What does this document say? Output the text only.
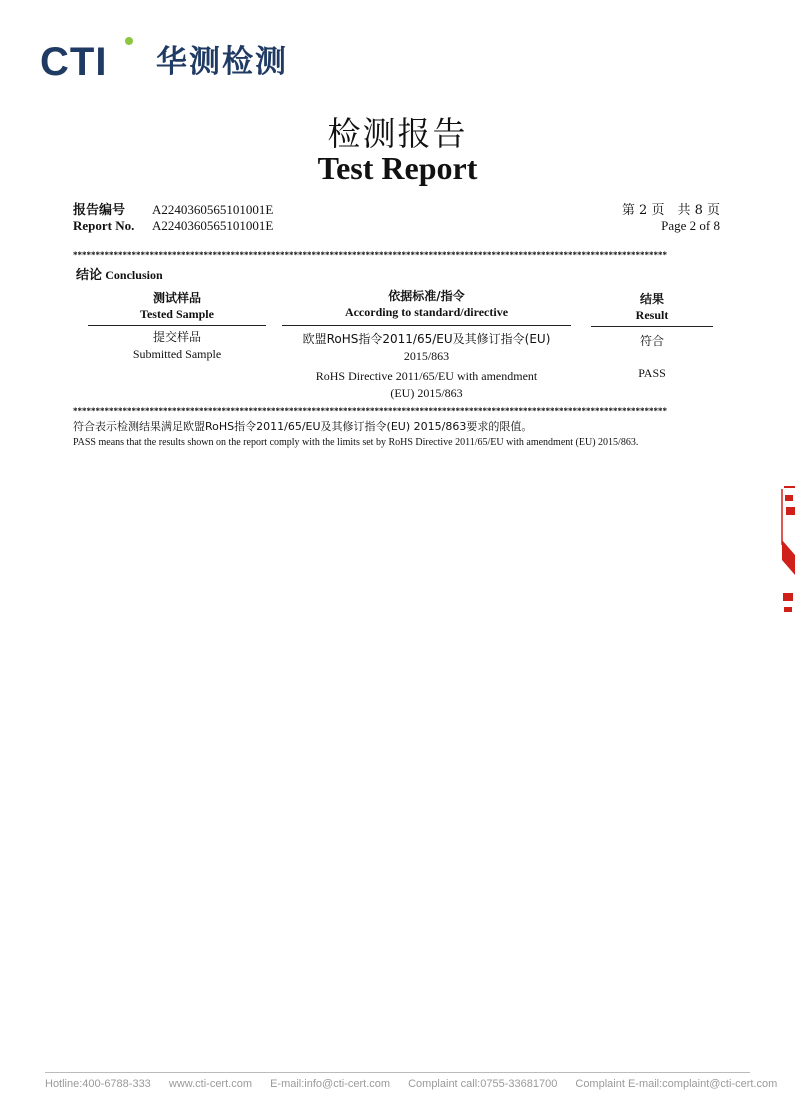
CTI 华测检测
检测报告
Test Report
报告编号 A2240360565101001E
Report No. A2240360565101001E
第 2 页　共 8 页
Page 2 of 8
************************************************************************************************************************************
结论 Conclusion
测试样品
Tested Sample
依据标准/指令
According to standard/directive
结果
Result
提交样品
Submitted Sample
欧盟RoHS指令2011/65/EU及其修订指令(EU)
2015/863
RoHS Directive 2011/65/EU with amendment
(EU) 2015/863
符合
PASS
************************************************************************************************************************************
符合表示检测结果满足欧盟RoHS指令2011/65/EU及其修订指令(EU) 2015/863要求的限值。
PASS means that the results shown on the report comply with the limits set by RoHS Directive 2011/65/EU with amendment (EU) 2015/863.
Hotline:400-6788-333 www.cti-cert.com E-mail:info@cti-cert.com Complaint call:0755-33681700 Complaint E-mail:complaint@cti-cert.com
